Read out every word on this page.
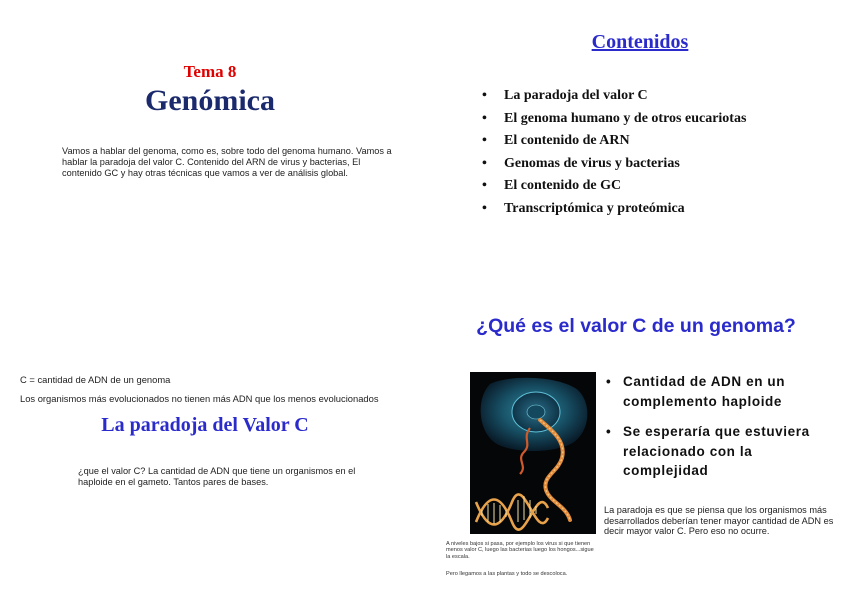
Tema 8
Genómica
Vamos a hablar del genoma, como es, sobre todo del genoma humano. Vamos a hablar la paradoja del valor C. Contenido del ARN de virus y bacterias, El contenido GC y hay otras técnicas que vamos a ver de análisis global.
Contenidos
• La paradoja del valor C
• El genoma humano y de otros eucariotas
• El contenido de ARN
• Genomas de virus y bacterias
• El contenido de GC
• Transcriptómica y proteómica
C = cantidad de ADN de un genoma
Los organismos más evolucionados no tienen más ADN que los menos evolucionados
La paradoja del Valor C
¿que el valor C? La cantidad de ADN que tiene un organismos en el haploide en el gameto. Tantos pares de bases.
¿Qué es el valor C de un genoma?
• Cantidad de ADN en un complemento haploide
• Se esperaría que estuviera relacionado con la complejidad
La paradoja es que se piensa que los organismos más desarrollados deberían tener mayor cantidad de ADN es decir mayor valor C. Pero eso no ocurre.
A niveles bajos si pasa, por ejemplo los virus si que tienen menos valor C, luego las bacterias luego los hongos...sigue la escala.
Pero llegamos a las plantas y todo se descoloca.
